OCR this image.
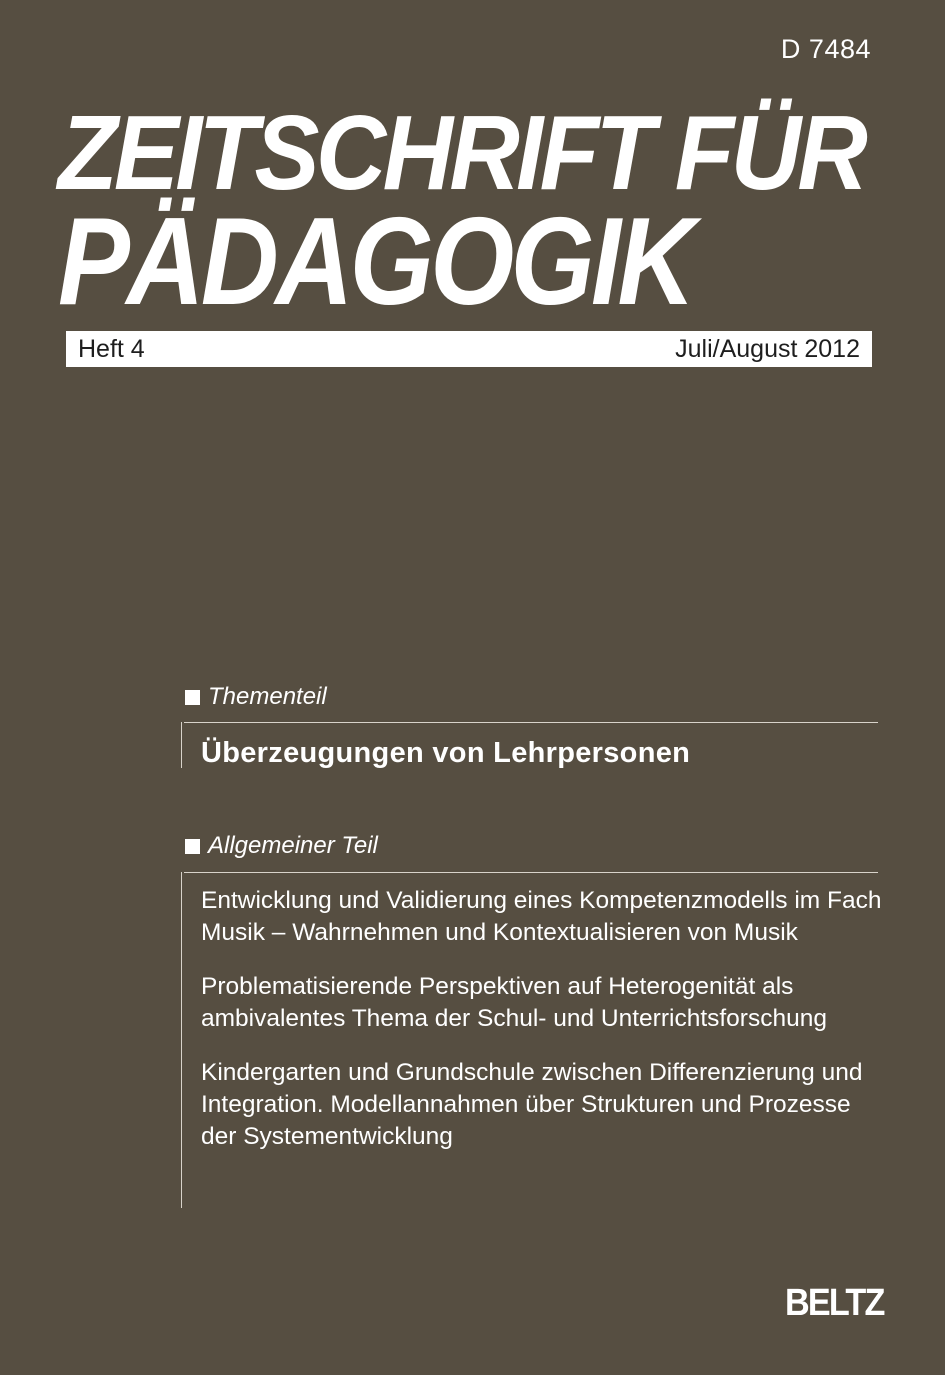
D 7484
ZEITSCHRIFT FÜR
PÄDAGOGIK
Heft 4	Juli/August 2012
Thementeil
Überzeugungen von Lehrpersonen
Allgemeiner Teil

Entwicklung und Validierung eines Kompetenzmodells im Fach Musik – Wahrnehmen und Kontextualisieren von Musik

Problematisierende Perspektiven auf Heterogenität als ambivalentes Thema der Schul- und Unterrichtsforschung

Kindergarten und Grundschule zwischen Differenzierung und Integration. Modellannahmen über Strukturen und Prozesse der Systementwicklung

BELTZ
